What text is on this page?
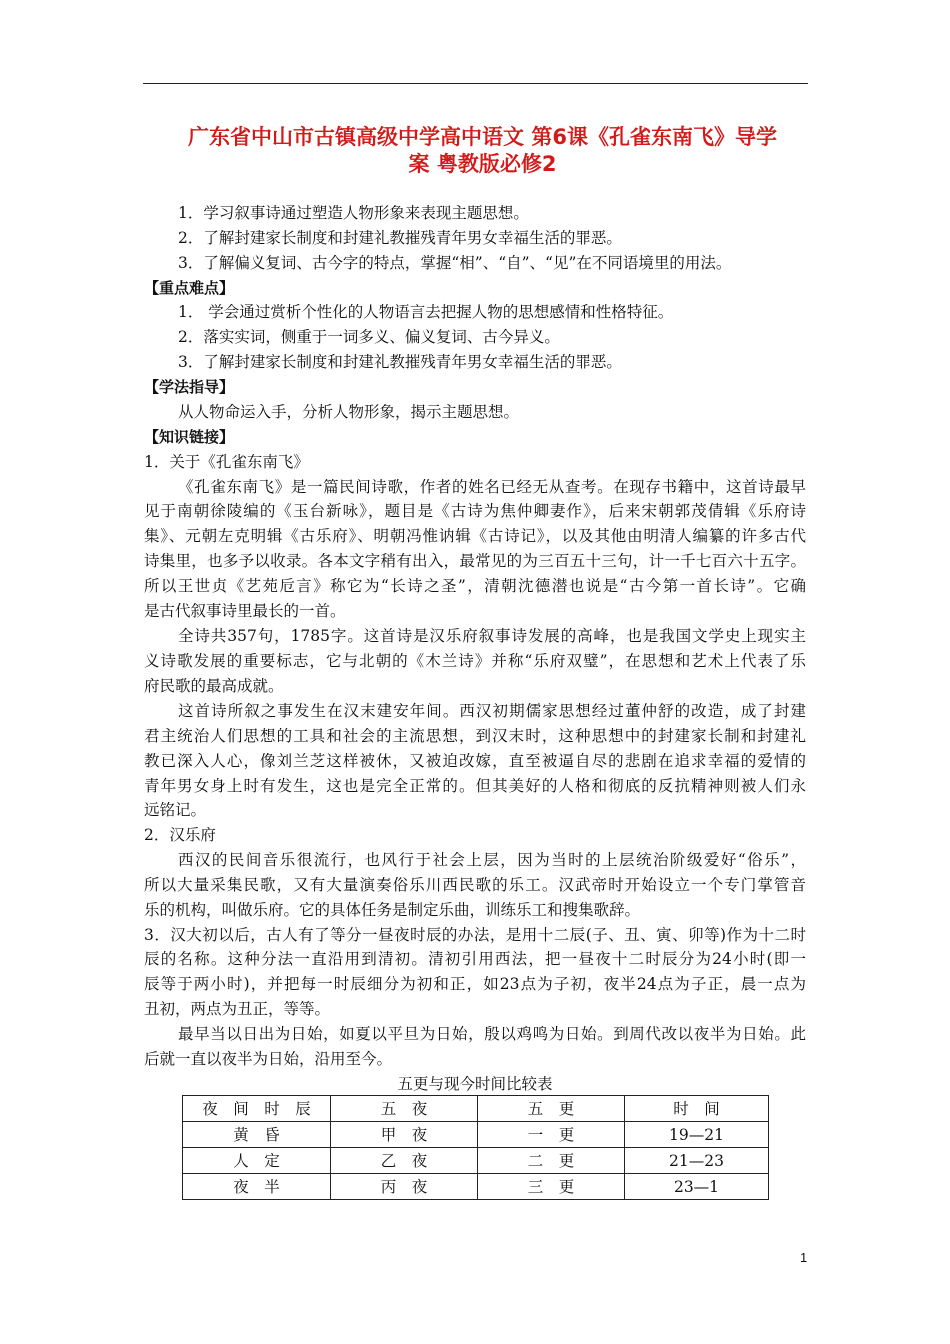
广东省中山市古镇高级中学高中语文 第6课《孔雀东南飞》导学
案 粤教版必修2
1．学习叙事诗通过塑造人物形象来表现主题思想。
2．了解封建家长制度和封建礼教摧残青年男女幸福生活的罪恶。
3．了解偏义复词、古今字的特点，掌握“相”、“自”、“见”在不同语境里的用法。
【重点难点】
1． 学会通过赏析个性化的人物语言去把握人物的思想感情和性格特征。
2．落实实词，侧重于一词多义、偏义复词、古今异义。
3．了解封建家长制度和封建礼教摧残青年男女幸福生活的罪恶。
【学法指导】
从人物命运入手，分析人物形象，揭示主题思想。
【知识链接】
1．关于《孔雀东南飞》
《孔雀东南飞》是一篇民间诗歌，作者的姓名已经无从查考。在现存书籍中，这首诗最早
见于南朝徐陵编的《玉台新咏》，题目是《古诗为焦仲卿妻作》，后来宋朝郭茂倩辑《乐府诗
集》、元朝左克明辑《古乐府》、明朝冯惟讷辑《古诗记》，以及其他由明清人编纂的许多古代
诗集里，也多予以收录。各本文字稍有出入，最常见的为三百五十三句，计一千七百六十五字。
所以王世贞《艺苑卮言》称它为“长诗之圣”，清朝沈德潜也说是“古今第一首长诗”。它确
是古代叙事诗里最长的一首。
全诗共357句，1785字。这首诗是汉乐府叙事诗发展的高峰，也是我国文学史上现实主
义诗歌发展的重要标志，它与北朝的《木兰诗》并称“乐府双璧”，在思想和艺术上代表了乐
府民歌的最高成就。
这首诗所叙之事发生在汉末建安年间。西汉初期儒家思想经过董仲舒的改造，成了封建
君主统治人们思想的工具和社会的主流思想，到汉末时，这种思想中的封建家长制和封建礼
教已深入人心，像刘兰芝这样被休，又被迫改嫁，直至被逼自尽的悲剧在追求幸福的爱情的
青年男女身上时有发生，这也是完全正常的。但其美好的人格和彻底的反抗精神则被人们永
远铭记。
2．汉乐府
西汉的民间音乐很流行，也风行于社会上层，因为当时的上层统治阶级爱好“俗乐”，
所以大量采集民歌，又有大量演奏俗乐川西民歌的乐工。汉武帝时开始设立一个专门掌管音
乐的机构，叫做乐府。它的具体任务是制定乐曲，训练乐工和搜集歌辞。
3．汉大初以后，古人有了等分一昼夜时辰的办法，是用十二辰(子、丑、寅、卯等)作为十二时
辰的名称。这种分法一直沿用到清初。清初引用西法，把一昼夜十二时辰分为24小时(即一
辰等于两小时)，并把每一时辰细分为初和正，如23点为子初，夜半24点为子正，晨一点为
丑初，两点为丑正，等等。
最早当以日出为日始，如夏以平旦为日始，殷以鸡鸣为日始。到周代改以夜半为日始。此
后就一直以夜半为日始，沿用至今。
五更与现今时间比较表
夜　间　时　辰	五　夜	五　更	时　间
黄　昏	甲　夜	一　更	19—21
人　定	乙　夜	二　更	21—23
夜　半	丙　夜	三　更	23—1
1
